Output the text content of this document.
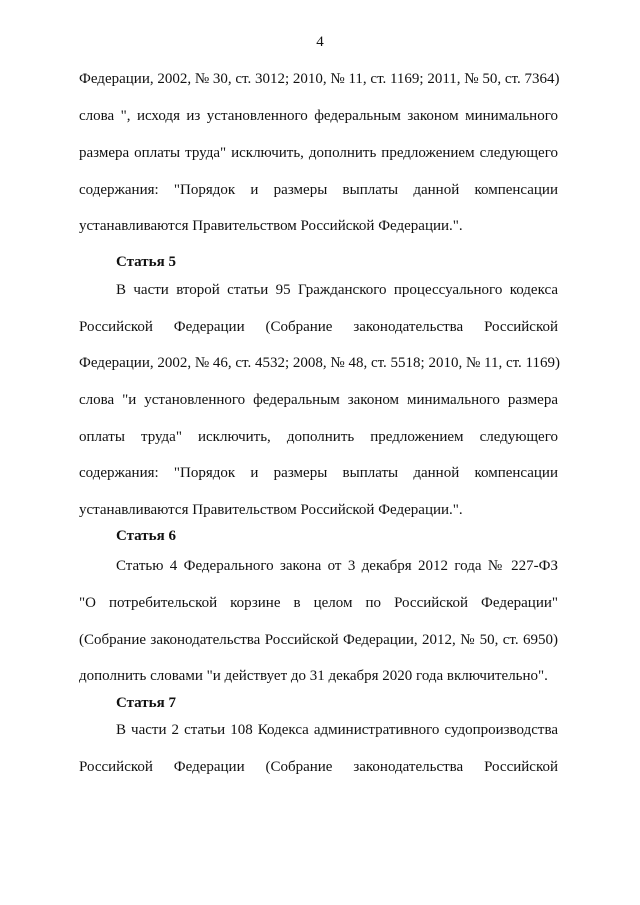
4
Федерации, 2002, № 30, ст. 3012; 2010, № 11, ст. 1169; 2011, № 50, ст. 7364)
слова ", исходя из установленного федеральным законом минимального
размера оплаты труда" исключить, дополнить предложением следующего
содержания: "Порядок и размеры выплаты данной компенсации
устанавливаются Правительством Российской Федерации.".
Статья 5
В части второй статьи 95 Гражданского процессуального кодекса
Российской Федерации (Собрание законодательства Российской
Федерации, 2002, № 46, ст. 4532; 2008, № 48, ст. 5518; 2010, № 11, ст. 1169)
слова "и установленного федеральным законом минимального размера
оплаты труда" исключить, дополнить предложением следующего
содержания: "Порядок и размеры выплаты данной компенсации
устанавливаются Правительством Российской Федерации.".
Статья 6
Статью 4 Федерального закона от 3 декабря 2012 года № 227-ФЗ
"О потребительской корзине в целом по Российской Федерации"
(Собрание законодательства Российской Федерации, 2012, № 50, ст. 6950)
дополнить словами "и действует до 31 декабря 2020 года включительно".
Статья 7
В части 2 статьи 108 Кодекса административного судопроизводства
Российской Федерации (Собрание законодательства Российской
